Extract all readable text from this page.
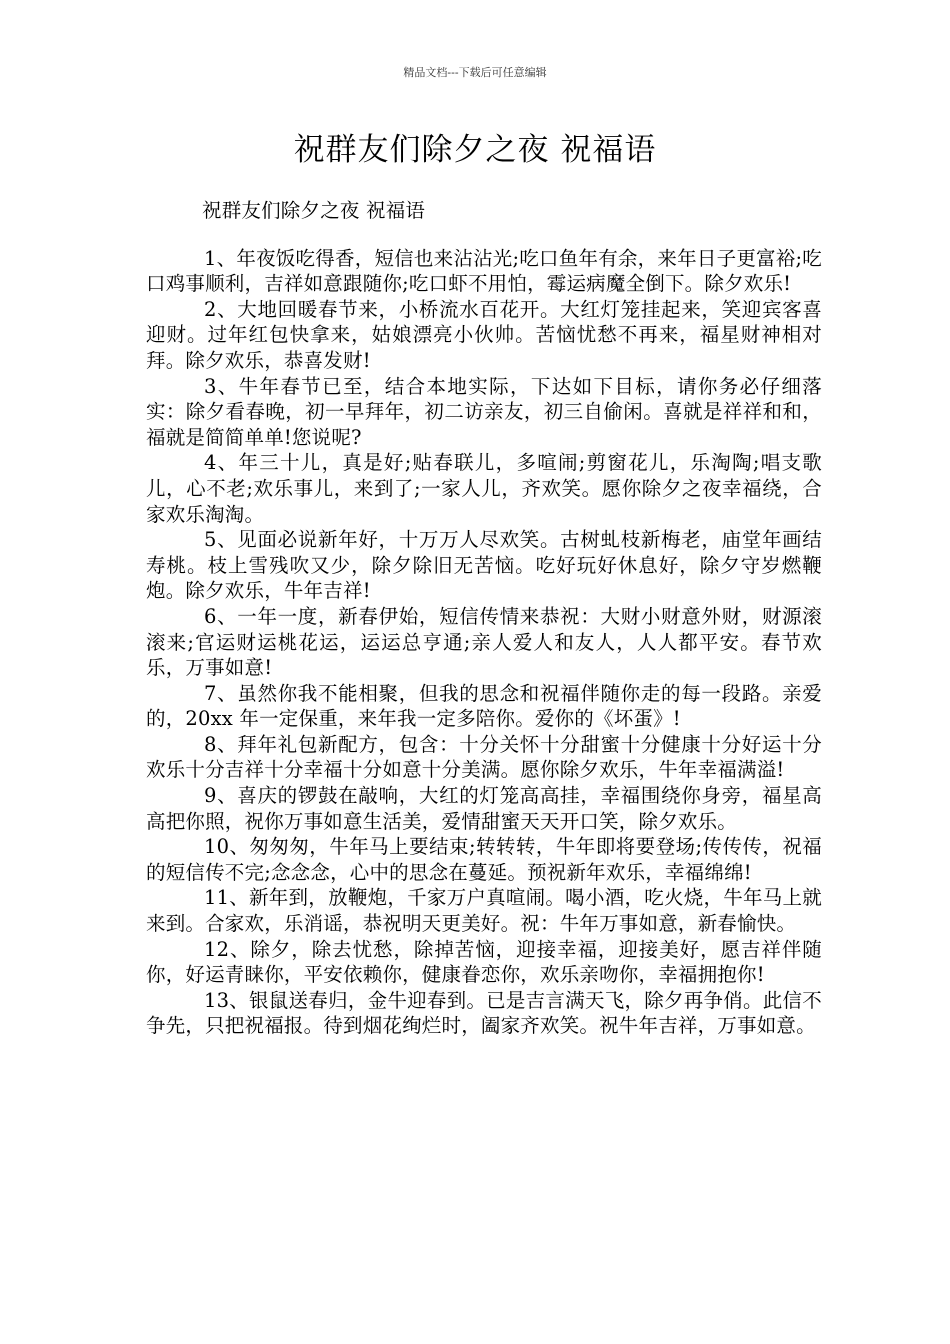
精品文档---下载后可任意编辑
祝群友们除夕之夜 祝福语

祝群友们除夕之夜 祝福语

1、年夜饭吃得香，短信也来沾沾光;吃口鱼年有余，来年日子更富裕;吃口鸡事顺利，吉祥如意跟随你;吃口虾不用怕，霉运病魔全倒下。除夕欢乐!

2、大地回暖春节来，小桥流水百花开。大红灯笼挂起来，笑迎宾客喜迎财。过年红包快拿来，姑娘漂亮小伙帅。苦恼忧愁不再来，福星财神相对拜。除夕欢乐，恭喜发财!

3、牛年春节已至，结合本地实际，下达如下目标，请你务必仔细落实：除夕看春晚，初一早拜年，初二访亲友，初三自偷闲。喜就是祥祥和和，福就是简简单单!您说呢?

4、年三十儿，真是好;贴春联儿，多喧闹;剪窗花儿，乐淘陶;唱支歌儿，心不老;欢乐事儿，来到了;一家人儿，齐欢笑。愿你除夕之夜幸福绕，合家欢乐淘淘。

5、见面必说新年好，十万万人尽欢笑。古树虬枝新梅老，庙堂年画结寿桃。枝上雪残吹又少，除夕除旧无苦恼。吃好玩好休息好，除夕守岁燃鞭炮。除夕欢乐，牛年吉祥!

6、一年一度，新春伊始，短信传情来恭祝：大财小财意外财，财源滚滚来;官运财运桃花运，运运总亨通;亲人爱人和友人，人人都平安。春节欢乐，万事如意!

7、虽然你我不能相聚，但我的思念和祝福伴随你走的每一段路。亲爱的，20xx 年一定保重，来年我一定多陪你。爱你的《坏蛋》!

8、拜年礼包新配方，包含：十分关怀十分甜蜜十分健康十分好运十分欢乐十分吉祥十分幸福十分如意十分美满。愿你除夕欢乐，牛年幸福满溢!

9、喜庆的锣鼓在敲响，大红的灯笼高高挂，幸福围绕你身旁，福星高高把你照，祝你万事如意生活美，爱情甜蜜天天开口笑，除夕欢乐。

10、匆匆匆，牛年马上要结束;转转转，牛年即将要登场;传传传，祝福的短信传不完;念念念，心中的思念在蔓延。预祝新年欢乐，幸福绵绵!

11、新年到，放鞭炮，千家万户真喧闹。喝小酒，吃火烧，牛年马上就来到。合家欢，乐消谣，恭祝明天更美好。祝：牛年万事如意，新春愉快。

12、除夕，除去忧愁，除掉苦恼，迎接幸福，迎接美好，愿吉祥伴随你，好运青睐你，平安依赖你，健康眷恋你，欢乐亲吻你，幸福拥抱你!

13、银鼠送春归，金牛迎春到。已是吉言满天飞，除夕再争俏。此信不争先，只把祝福报。待到烟花绚烂时，阖家齐欢笑。祝牛年吉祥，万事如意。
